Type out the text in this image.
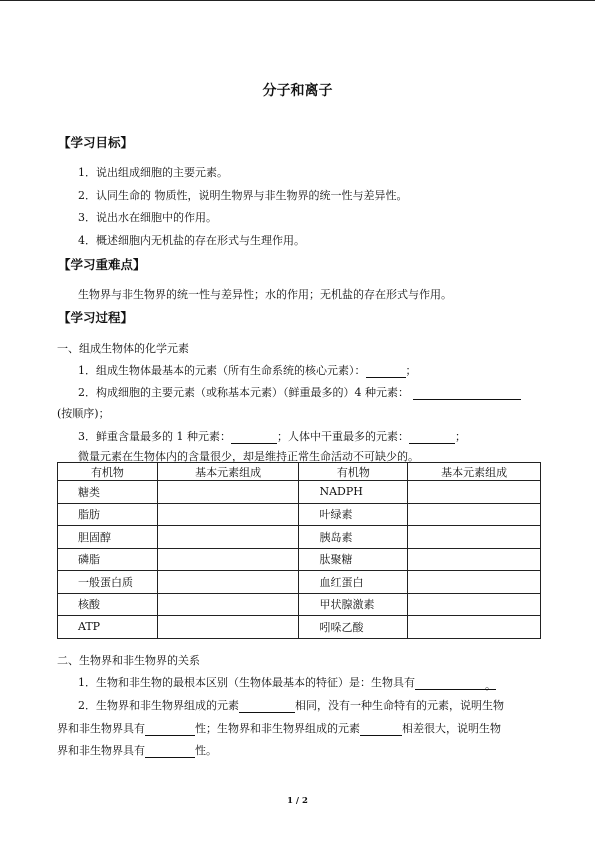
分子和离子
【学习目标】
1．说出组成细胞的主要元素。
2．认同生命的 物质性，说明生物界与非生物界的统一性与差异性。
3．说出水在细胞中的作用。
4．概述细胞内无机盐的存在形式与生理作用。
【学习重难点】
生物界与非生物界的统一性与差异性；水的作用；无机盐的存在形式与作用。
【学习过程】
一、组成生物体的化学元素
1．组成生物体最基本的元素（所有生命系统的核心元素）：	；
2．构成细胞的主要元素（或称基本元素）（鲜重最多的）4 种元素：
(按顺序)；
3．鲜重含量最多的 1 种元素：	；人体中干重最多的元素：	；
微量元素在生物体内的含量很少，却是维持正常生命活动不可缺少的。
有机物	基本元素组成	有机物	基本元素组成
糖类		NADPH	
脂肪		叶绿素	
胆固醇		胰岛素	
磷脂		肽聚糖	
一般蛋白质		血红蛋白	
核酸		甲状腺激素	
ATP		吲哚乙酸	
二、生物界和非生物界的关系
1．生物和非生物的最根本区别（生物体最基本的特征）是：生物具有	。
2．生物界和非生物界组成的元素	相同，没有一种生命特有的元素，说明生物
界和非生物界具有	性；生物界和非生物界组成的元素	相差很大，说明生物
界和非生物界具有	性。
1 / 2
